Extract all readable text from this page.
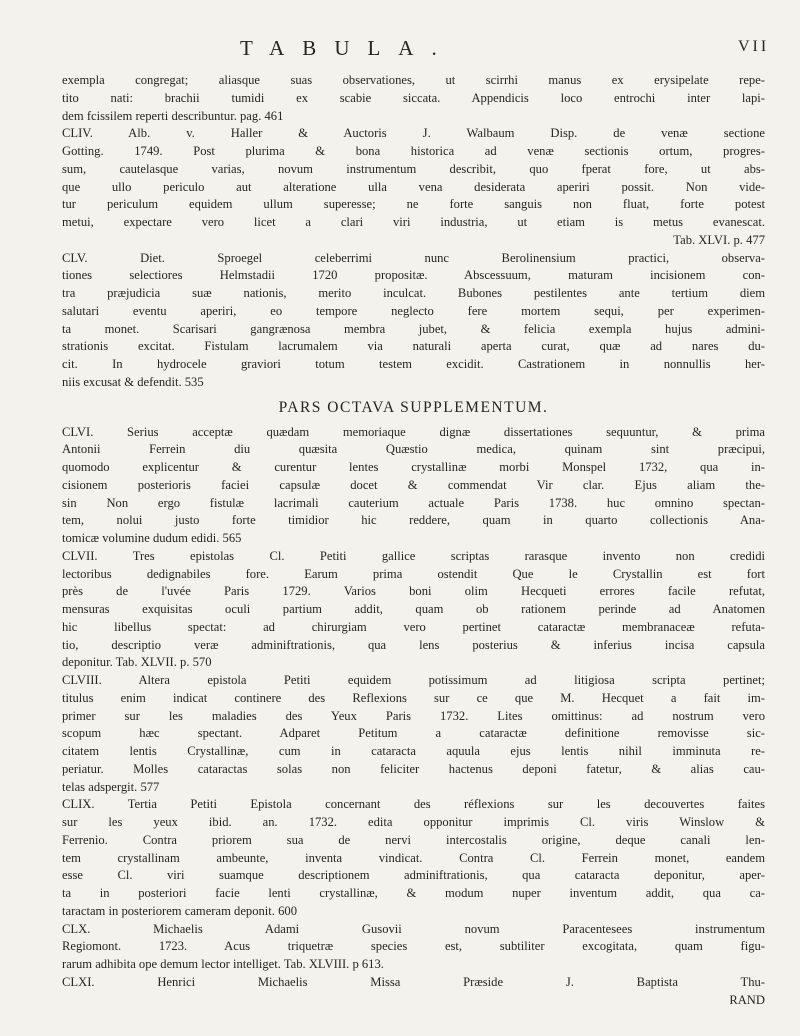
TABULA.	VII
exempla congregat; aliasque suas observationes, ut scirrhi manus ex erysipelate repe-
tito nati: brachii tumidi ex scabie siccata. Appendicis loco entrochi inter lapi-
dem fcissilem reperti describuntur. pag. 461
CLIV. Alb. v. Haller & Auctoris J. Walbaum Disp. de venæ sectione
Gotting. 1749. Post plurima & bona historica ad venæ sectionis ortum, progres-
sum, cautelasque varias, novum instrumentum describit, quo fperat fore, ut abs-
que ullo periculo aut alteratione ulla vena desiderata aperiri possit. Non vide-
tur periculum equidem ullum superesse; ne forte sanguis non fluat, forte potest
metui, expectare vero licet a clari viri industria, ut etiam is metus evanescat.
Tab. XLVI. p. 477
CLV. Diet. Sproegel celeberrimi nunc Berolinensium practici, observa-
tiones selectiores Helmstadii 1720 propositæ. Abscessuum, maturam incisionem con-
tra præjudicia suæ nationis, merito inculcat. Bubones pestilentes ante tertium diem
salutari eventu aperiri, eo tempore neglecto fere mortem sequi, per experimen-
ta monet. Scarisari gangrænosa membra jubet, & felicia exempla hujus admini-
strationis excitat. Fistulam lacrumalem via naturali aperta curat, quæ ad nares du-
cit. In hydrocele graviori totum testem excidit. Castrationem in nonnullis her-
niis excusat & defendit. 535
PARS OCTAVA SUPPLEMENTUM.
CLVI. Serius acceptæ quædam memoriaque dignæ dissertationes sequuntur, & prima
Antonii Ferrein diu quæsita Quæstio medica, quinam sint præcipui,
quomodo explicentur & curentur lentes crystallinæ morbi Monspel 1732, qua in-
cisionem posterioris faciei capsulæ docet & commendat Vir clar. Ejus aliam the-
sin Non ergo fistulæ lacrimali cauterium actuale Paris 1738. huc omnino spectan-
tem, nolui justo forte timidior hic reddere, quam in quarto collectionis Ana-
tomicæ volumine dudum edidi. 565
CLVII. Tres epistolas Cl. Petiti gallice scriptas rarasque invento non credidi
lectoribus dedignabiles fore. Earum prima ostendit Que le Crystallin est fort
près de l'uvée Paris 1729. Varios boni olim Hecqueti errores facile refutat,
mensuras exquisitas oculi partium addit, quam ob rationem perinde ad Anatomen
hic libellus spectat: ad chirurgiam vero pertinet cataractæ membranaceæ refuta-
tio, descriptio veræ adminiftrationis, qua lens posterius & inferius incisa capsula
deponitur. Tab. XLVII. p. 570
CLVIII. Altera epistola Petiti equidem potissimum ad litigiosa scripta pertinet;
titulus enim indicat continere des Reflexions sur ce que M. Hecquet a fait im-
primer sur les maladies des Yeux Paris 1732. Lites omittinus: ad nostrum vero
scopum hæc spectant. Adparet Petitum a cataractæ definitione removisse sic-
citatem lentis Crystallinæ, cum in cataracta aquula ejus lentis nihil imminuta re-
periatur. Molles cataractas solas non feliciter hactenus deponi fatetur, & alias cau-
telas adspergit. 577
CLIX. Tertia Petiti Epistola concernant des réflexions sur les decouvertes faites
sur les yeux ibid. an. 1732. edita opponitur imprimis Cl. viris Winslow &
Ferrenio. Contra priorem sua de nervi intercostalis origine, deque canali len-
tem crystallinam ambeunte, inventa vindicat. Contra Cl. Ferrein monet, eandem
esse Cl. viri suamque descriptionem adminiftrationis, qua cataracta deponitur, aper-
ta in posteriori facie lenti crystallinæ, & modum nuper inventum addit, qua ca-
taractam in posteriorem cameram deponit. 600
CLX. Michaelis Adami Gusovii novum Paracentesees instrumentum
Regiomont. 1723. Acus triquetræ species est, subtiliter excogitata, quam figu-
rarum adhibita ope demum lector intelliget. Tab. XLVIII. p 613.
CLXI. Henrici Michaelis Missa Præside J. Baptista Thu-
RAND
